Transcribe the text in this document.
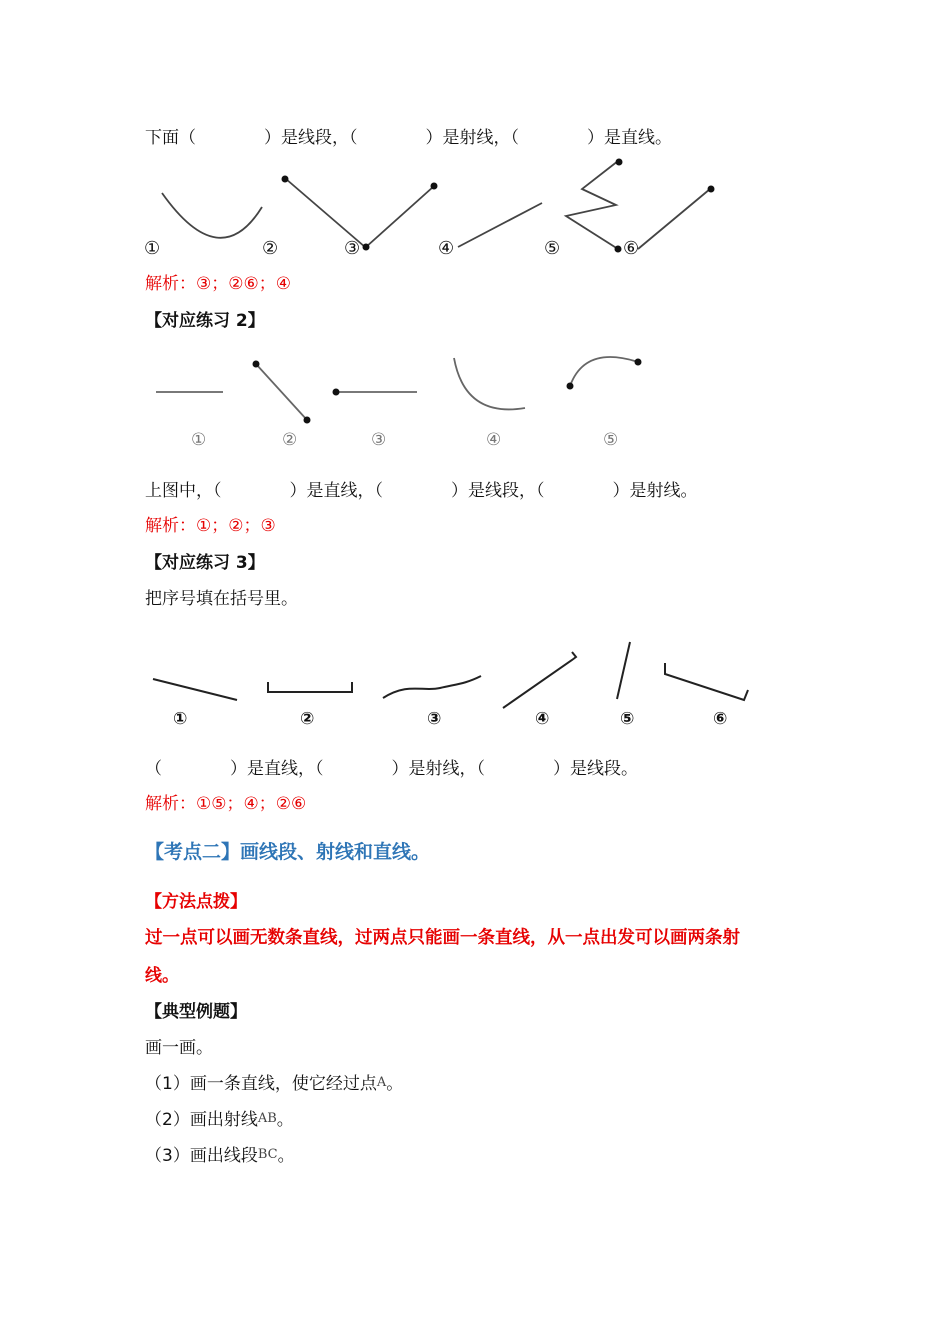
下面（　　　　）是线段，（　　　　）是射线，（　　　　）是直线。
①	②	③	④	⑤	⑥
解析：③；②⑥；④
【对应练习 2】
①	②	③	④	⑤
上图中，（　　　　）是直线，（　　　　）是线段，（　　　　）是射线。
解析：①；②；③
【对应练习 3】
把序号填在括号里。
①	②	③	④	⑤	⑥
（　　　　）是直线，（　　　　）是射线，（　　　　）是线段。
解析：①⑤；④；②⑥
【考点二】画线段、射线和直线。
【方法点拨】
过一点可以画无数条直线，过两点只能画一条直线，从一点出发可以画两条射
线。
【典型例题】
画一画。
（1）画一条直线，使它经过点A。
（2）画出射线AB。
（3）画出线段BC。
